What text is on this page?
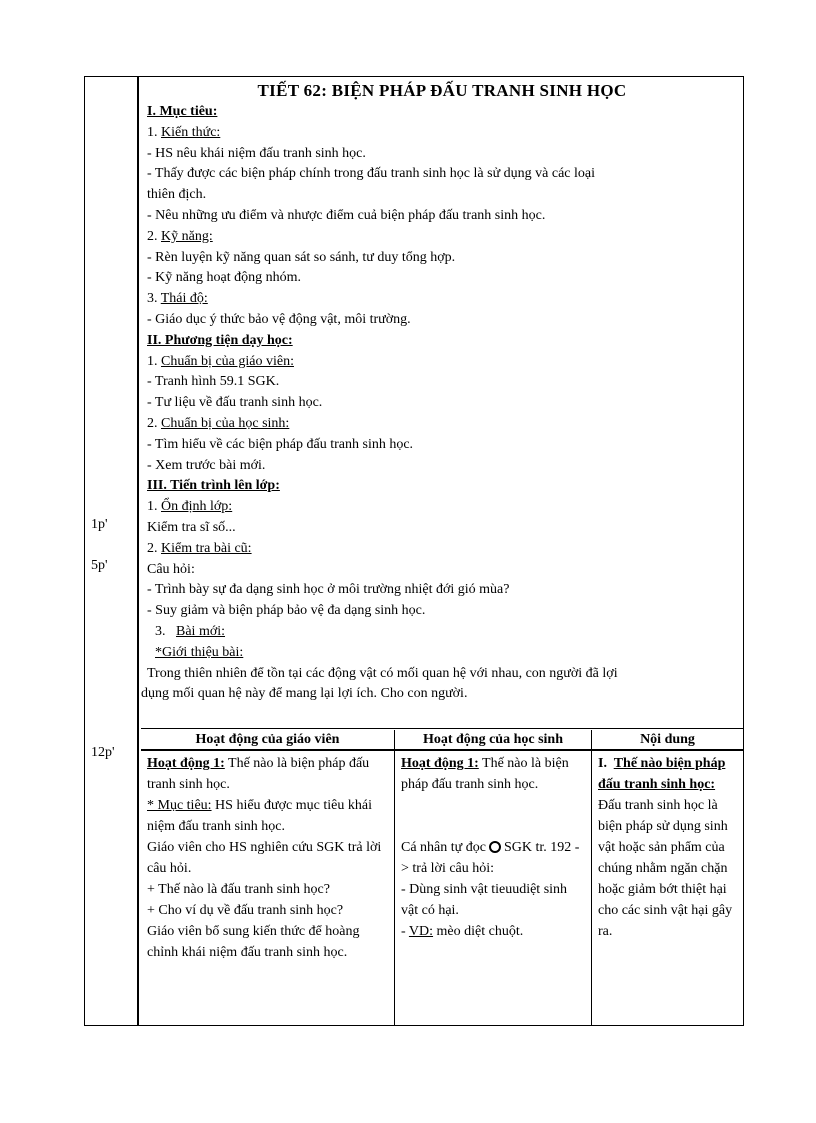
1p'
5p'
12p'
TIẾT 62: BIỆN PHÁP ĐẤU TRANH SINH HỌC
I. Mục tiêu:
1. Kiến thức:
- HS nêu khái niệm đấu tranh sinh học.
- Thấy được các biện pháp chính trong đấu tranh sinh học là sử dụng và các loại
thiên địch.
- Nêu những ưu điểm và nhược điểm cuả biện pháp đấu tranh sinh học.
2. Kỹ năng:
- Rèn luyện kỹ năng quan sát so sánh, tư duy tổng hợp.
- Kỹ năng hoạt động nhóm.
3. Thái độ:
- Giáo dục ý thức bảo vệ động vật, môi trường.
II. Phương tiện dạy học:
1. Chuẩn bị của giáo viên:
- Tranh hình 59.1 SGK.
- Tư liệu về đấu tranh sinh học.
2. Chuẩn bị của học sinh:
- Tìm hiểu về các biện pháp đấu tranh sinh học.
- Xem trước bài mới.
III. Tiến trình lên lớp:
1. Ổn định lớp:
Kiểm tra sĩ số...
2. Kiểm tra bài cũ:
Câu hỏi:
- Trình bày sự đa dạng sinh học ở môi trường nhiệt đới gió mùa?
- Suy giảm và biện pháp bảo vệ đa dạng sinh học.
3. Bài mới:
*Giới thiệu bài:
Trong thiên nhiên để tồn tại các động vật có mối quan hệ với nhau, con người đã lợi
dụng mối quan hệ này để mang lại lợi ích. Cho con người.
Hoạt động của giáo viên
Hoạt động 1: Thế nào là biện pháp đấu tranh sinh học.
* Mục tiêu: HS hiểu được mục tiêu khái niệm đấu tranh sinh học.
Giáo viên cho HS nghiên cứu SGK trả lời câu hỏi.
+ Thế nào là đấu tranh sinh học?
+ Cho ví dụ về đấu tranh sinh học?
Giáo viên bổ sung kiến thức để hoàng chỉnh khái niệm đấu tranh sinh học.
Hoạt động của học sinh
Hoạt động 1: Thế nào là biện pháp đấu tranh sinh học.
Cá nhân tự đọc SGK tr. 192 -> trả lời câu hỏi:
- Dùng sinh vật tieuudiệt sinh vật có hại.
- VD: mèo diệt chuột.
Nội dung
I. Thế nào biện pháp đấu tranh sinh học:
Đấu tranh sinh học là biện pháp sử dụng sinh vật hoặc sản phẩm của chúng nhằm ngăn chặn hoặc giảm bớt thiệt hại cho các sinh vật hại gây ra.
